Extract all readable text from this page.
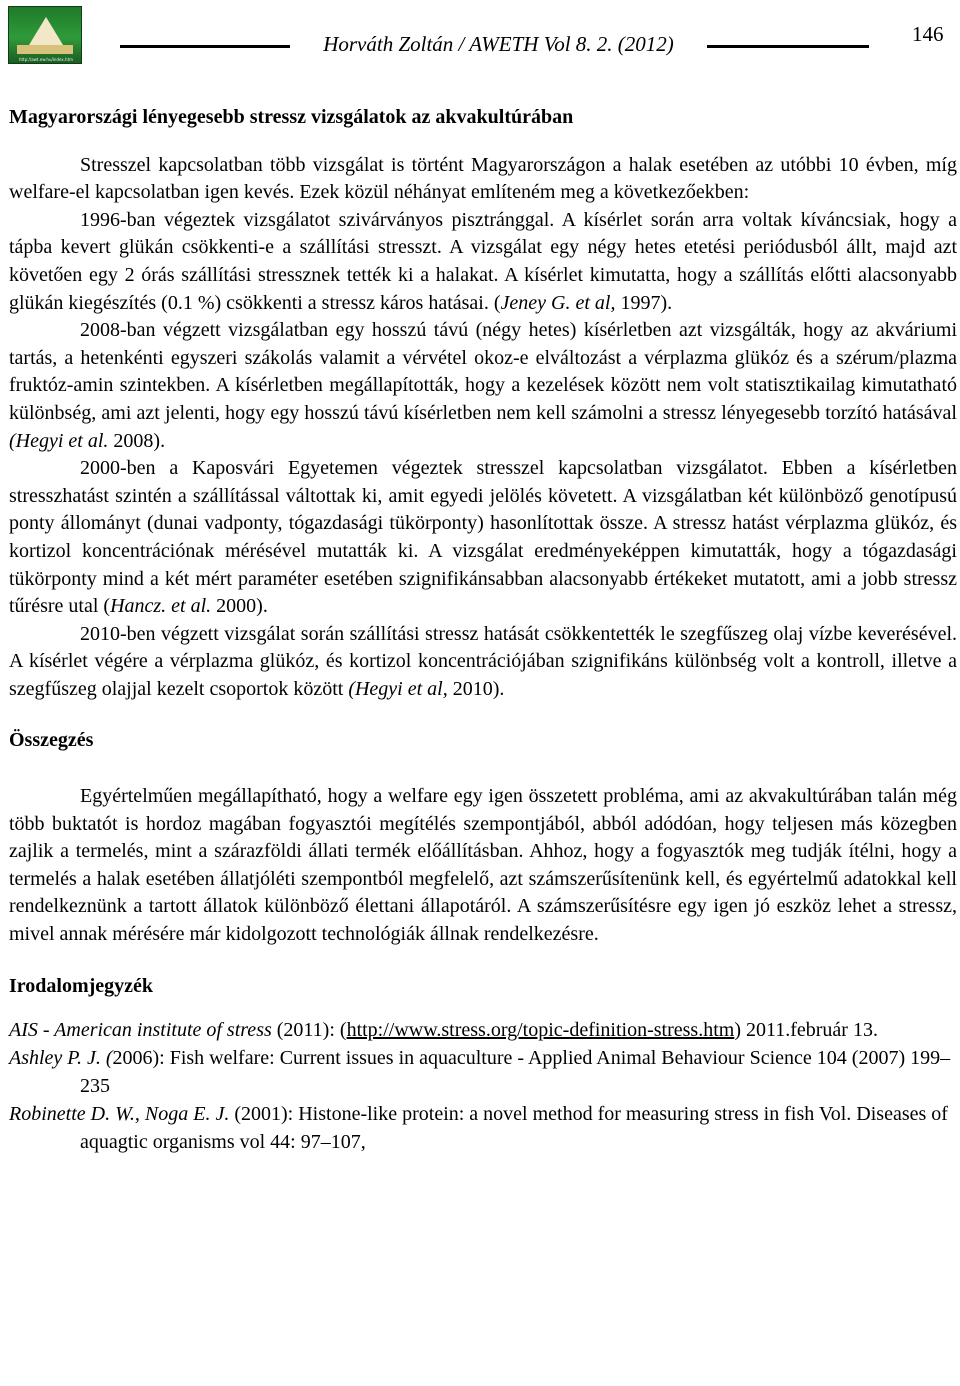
http://awt.ew.hu/index.htm
Horváth Zoltán / AWETH Vol 8. 2. (2012)	146
Magyarországi lényegesebb stressz vizsgálatok az akvakultúrában

Stresszel kapcsolatban több vizsgálat is történt Magyarországon a halak esetében az utóbbi 10 évben, míg welfare-el kapcsolatban igen kevés. Ezek közül néhányat említeném meg a következőekben:

1996-ban végeztek vizsgálatot szivárványos pisztránggal. A kísérlet során arra voltak kíváncsiak, hogy a tápba kevert glükán csökkenti-e a szállítási stresszt. A vizsgálat egy négy hetes etetési periódusból állt, majd azt követően egy 2 órás szállítási stressznek tették ki a halakat. A kísérlet kimutatta, hogy a szállítás előtti alacsonyabb glükán kiegészítés (0.1 %) csökkenti a stressz káros hatásai. (Jeney G. et al, 1997).

2008-ban végzett vizsgálatban egy hosszú távú (négy hetes) kísérletben azt vizsgálták, hogy az akváriumi tartás, a hetenkénti egyszeri szákolás valamit a vérvétel okoz-e elváltozást a vérplazma glükóz és a szérum/plazma fruktóz-amin szintekben. A kísérletben megállapították, hogy a kezelések között nem volt statisztikailag kimutatható különbség, ami azt jelenti, hogy egy hosszú távú kísérletben nem kell számolni a stressz lényegesebb torzító hatásával (Hegyi et al. 2008).

2000-ben a Kaposvári Egyetemen végeztek stresszel kapcsolatban vizsgálatot. Ebben a kísérletben stresszhatást szintén a szállítással váltottak ki, amit egyedi jelölés követett. A vizsgálatban két különböző genotípusú ponty állományt (dunai vadponty, tógazdasági tükörponty) hasonlítottak össze. A stressz hatást vérplazma glükóz, és kortizol koncentrációnak mérésével mutatták ki. A vizsgálat eredményeképpen kimutatták, hogy a tógazdasági tükörponty mind a két mért paraméter esetében szignifikánsabban alacsonyabb értékeket mutatott, ami a jobb stressz tűrésre utal (Hancz. et al. 2000).

2010-ben végzett vizsgálat során szállítási stressz hatását csökkentették le szegfűszeg olaj vízbe keverésével. A kísérlet végére a vérplazma glükóz, és kortizol koncentrációjában szignifikáns különbség volt a kontroll, illetve a szegfűszeg olajjal kezelt csoportok között (Hegyi et al, 2010).

Összegzés

Egyértelműen megállapítható, hogy a welfare egy igen összetett probléma, ami az akvakultúrában talán még több buktatót is hordoz magában fogyasztói megítélés szempontjából, abból adódóan, hogy teljesen más közegben zajlik a termelés, mint a szárazföldi állati termék előállításban. Ahhoz, hogy a fogyasztók meg tudják ítélni, hogy a termelés a halak esetében állatjóléti szempontból megfelelő, azt számszerűsítenünk kell, és egyértelmű adatokkal kell rendelkeznünk a tartott állatok különböző élettani állapotáról. A számszerűsítésre egy igen jó eszköz lehet a stressz, mivel annak mérésére már kidolgozott technológiák állnak rendelkezésre.

Irodalomjegyzék
AIS - American institute of stress (2011): (http://www.stress.org/topic-definition-stress.htm) 2011.február 13.
Ashley P. J. (2006): Fish welfare: Current issues in aquaculture - Applied Animal Behaviour Science 104 (2007) 199–235
Robinette D. W., Noga E. J. (2001): Histone-like protein: a novel method for measuring stress in fish Vol. Diseases of aquagtic organisms vol 44: 97–107,
